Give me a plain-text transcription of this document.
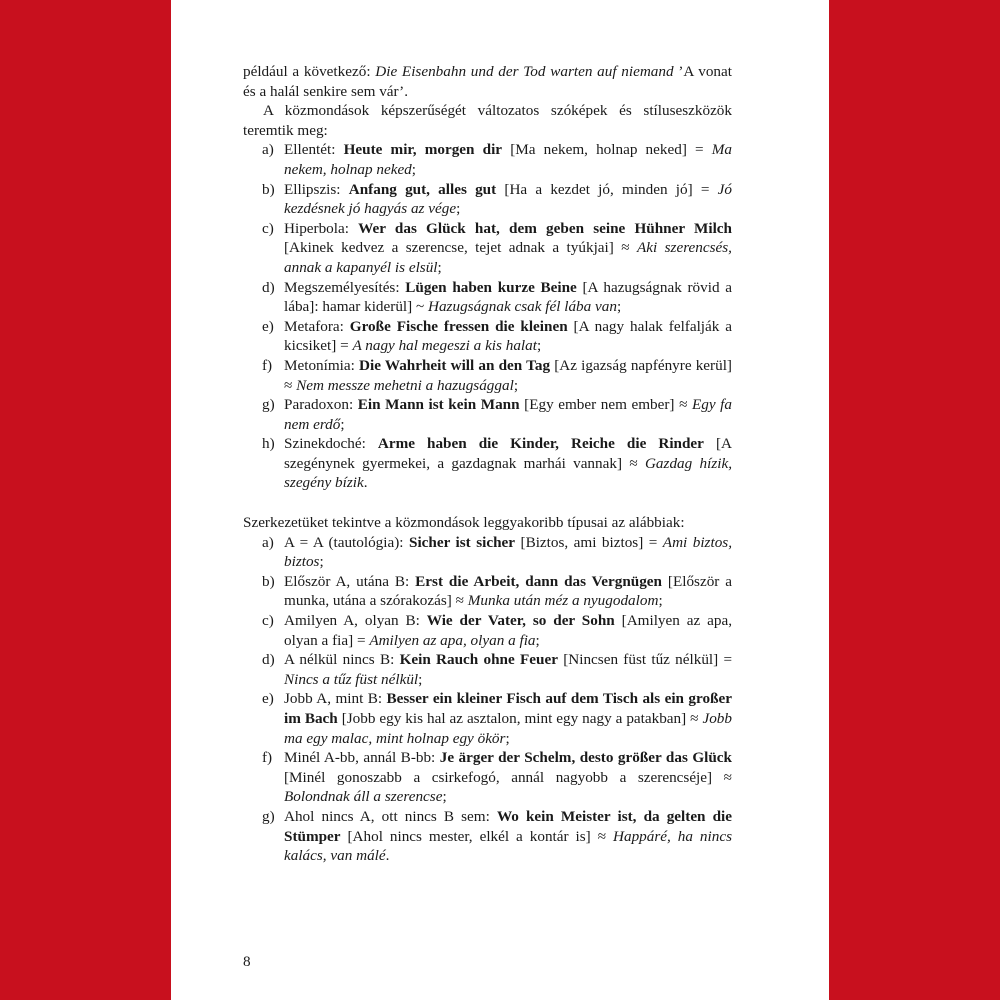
például a következő: Die Eisenbahn und der Tod warten auf niemand ’A vonat és a halál senkire sem vár’.

A közmondások képszerűségét változatos szóképek és stíluseszközök teremtik meg:

a) Ellentét: Heute mir, morgen dir [Ma nekem, holnap neked] = Ma nekem, holnap neked;
b) Ellipszis: Anfang gut, alles gut [Ha a kezdet jó, minden jó] = Jó kezdésnek jó hagyás az vége;
c) Hiperbola: Wer das Glück hat, dem geben seine Hühner Milch [Akinek kedvez a szerencse, tejet adnak a tyúkjai] ≈ Aki szerencsés, annak a kapanyél is elsül;
d) Megszemélyesítés: Lügen haben kurze Beine [A hazugságnak rövid a lába]: hamar kiderül] ~ Hazugságnak csak fél lába van;
e) Metafora: Große Fische fressen die kleinen [A nagy halak felfalják a kicsiket] = A nagy hal megeszi a kis halat;
f) Metonímia: Die Wahrheit will an den Tag [Az igazság napfényre kerül] ≈ Nem messze mehetni a hazugsággal;
g) Paradoxon: Ein Mann ist kein Mann [Egy ember nem ember] ≈ Egy fa nem erdő;
h) Szinekdoché: Arme haben die Kinder, Reiche die Rinder [A szegénynek gyermekei, a gazdagnak marhái vannak] ≈ Gazdag hízik, szegény bízik.

Szerkezetüket tekintve a közmondások leggyakoribb típusai az alábbiak:

a) A = A (tautológia): Sicher ist sicher [Biztos, ami biztos] = Ami biztos, biztos;
b) Először A, utána B: Erst die Arbeit, dann das Vergnügen [Először a munka, utána a szórakozás] ≈ Munka után méz a nyugodalom;
c) Amilyen A, olyan B: Wie der Vater, so der Sohn [Amilyen az apa, olyan a fia] = Amilyen az apa, olyan a fia;
d) A nélkül nincs B: Kein Rauch ohne Feuer [Nincsen füst tűz nélkül] = Nincs a tűz füst nélkül;
e) Jobb A, mint B: Besser ein kleiner Fisch auf dem Tisch als ein großer im Bach [Jobb egy kis hal az asztalon, mint egy nagy a patakban] ≈ Jobb ma egy malac, mint holnap egy ökör;
f) Minél A-bb, annál B-bb: Je ärger der Schelm, desto größer das Glück [Minél gonoszabb a csirkefogó, annál nagyobb a szerencséje] ≈ Bolondnak áll a szerencse;
g) Ahol nincs A, ott nincs B sem: Wo kein Meister ist, da gelten die Stümper [Ahol nincs mester, elkél a kontár is] ≈ Happáré, ha nincs kalács, van málé.
8
